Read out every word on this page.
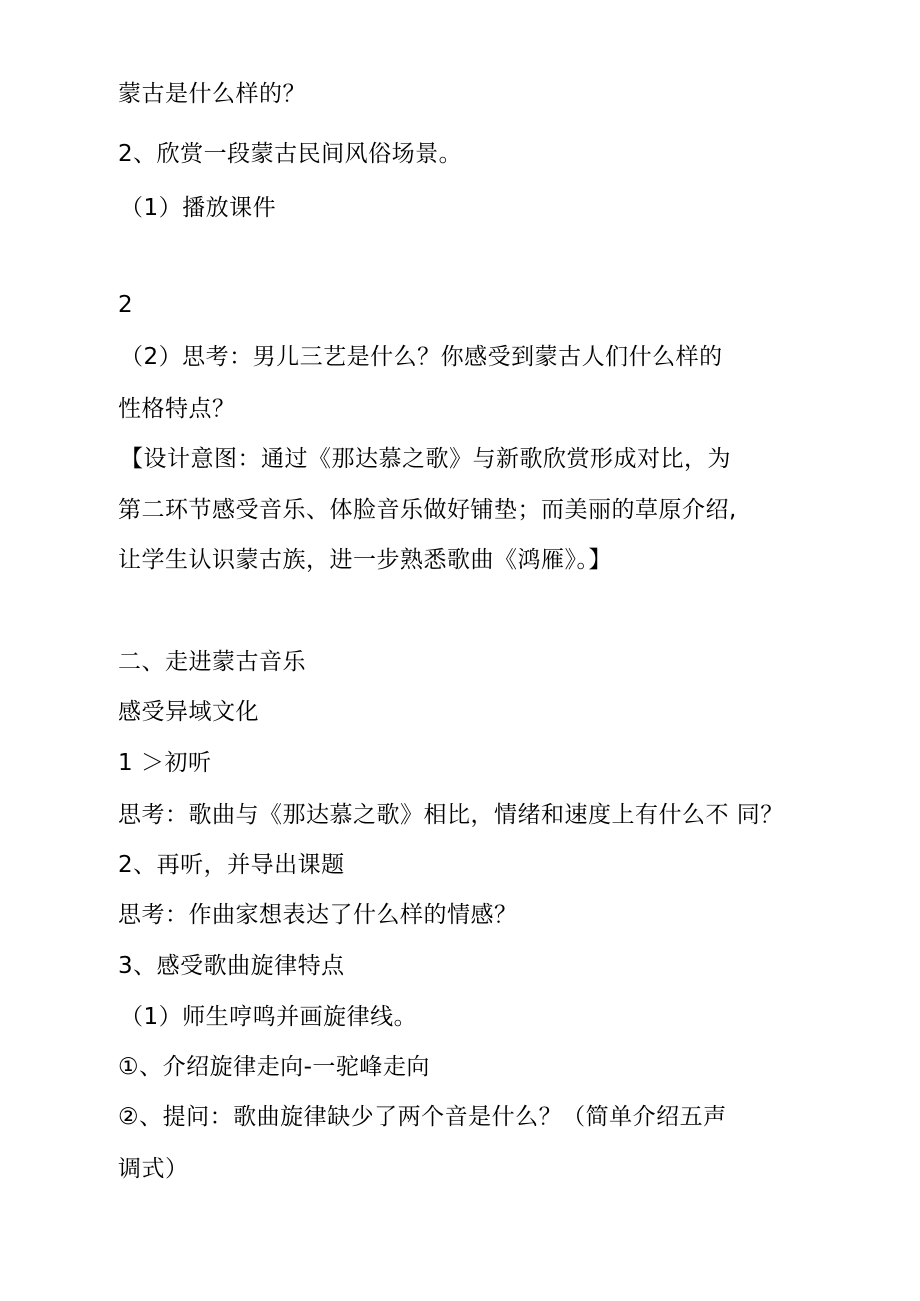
蒙古是什么样的？
2、欣赏一段蒙古民间风俗场景。
（1）播放课件
2
（2）思考：男儿三艺是什么？你感受到蒙古人们什么样的
性格特点？
【设计意图：通过《那达慕之歌》与新歌欣赏形成对比，为
第二环节感受音乐、体脸音乐做好铺垫；而美丽的草原介绍,
让学生认识蒙古族，进一步熟悉歌曲《鸿雁》。】
二、走进蒙古音乐
感受异域文化
1 ＞初听
思考：歌曲与《那达慕之歌》相比，情绪和速度上有什么不 同？
2、再听，并导出课题
思考：作曲家想表达了什么样的情感？
3、感受歌曲旋律特点
（1）师生哼鸣并画旋律线。
①、介绍旋律走向-一驼峰走向
②、提问：歌曲旋律缺少了两个音是什么？（简单介绍五声
调式）
